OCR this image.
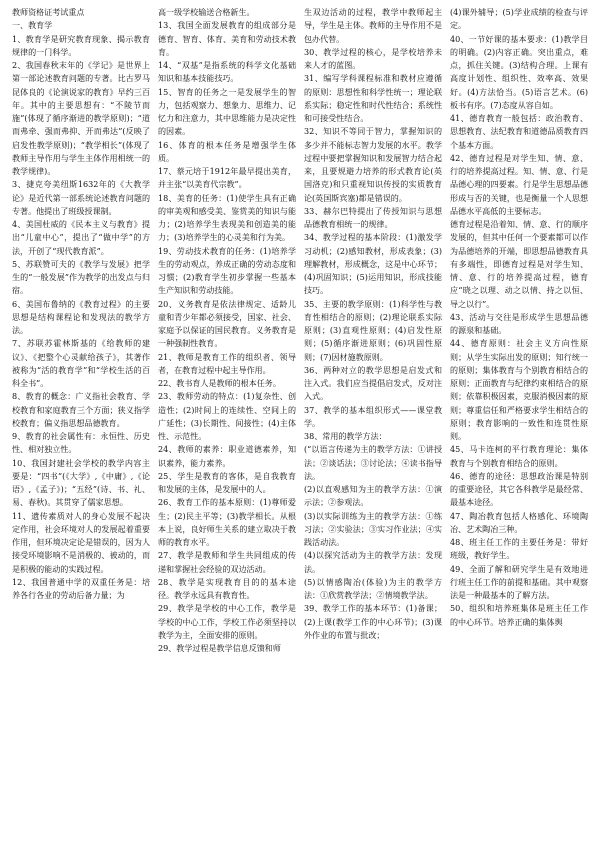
教师资格证考试重点

一、教育学

1、教育学是研究教育现象、揭示教育规律的一门科学。

2、我国春秋末年的《学记》是世界上第一部论述教育问题的专著。比古罗马昆体良的《论演说家的教育》早约三百年。其中的主要思想有：“不陵节而施”(体现了循序渐进的教学原则)；“道而弗牵、强而弗抑、开而弗达”(反映了启发性教学原则)；“教学相长”(体现了教师主导作用与学生主体作用相统一的教学规律)。

3、捷克夸美纽斯1632年的《大教学论》是近代第一部系统论述教育问题的专著。他提出了班级授课制。

4、美国杜威的《民本主义与教育》提出“儿童中心”，提出了“做中学”的方法，开创了“现代教育派”。

5、苏联赞可夫的《教学与发展》把学生的“一般发展”作为教学的出发点与归宿。

6、美国布鲁纳的《教育过程》的主要思想是结构课程论和发现法的教学方法。

7、苏联苏霍林斯基的《给教师的建议》、《把整个心灵献给孩子》，其著作被称为“活的教育学”和“学校生活的百科全书”。

8、教育的概念：广义指社会教育、学校教育和家庭教育三个方面；狭义指学校教育；偏义指思想品德教育。

9、教育的社会属性有：永恒性、历史性、相对独立性。

10、我国封建社会学校的教学内容主要是：“四书”(《大学》,《中庸》,《论语》,《孟子》)；“五经”(诗、书、礼、易、春秋)。其贯穿了儒家思想。

11、遗传素质对人的身心发展不起决定作用，社会环境对人的发展起着重要作用，但环境决定论是错误的，因为人接受环境影响不是消极的、被动的，而是积极的能动的实践过程。

12、我国普通中学的双重任务是：培养各行各业的劳动后备力量；为

高一级学校输送合格新生。

13、我国全面发展教育的组成部分是德育、智育、体育、美育和劳动技术教育。

14、“双基”是指系统的科学文化基础知识和基本技能技巧。

15、智育的任务之一是发展学生的智力，包括观察力、想象力、思维力、记忆力和注意力，其中思维能力是决定性的因素。

16、体育的根本任务是增强学生体质。

17、蔡元培于1912年最早提出美育，并主张“以美育代宗教”。

18、美育的任务：(1)使学生具有正确的审美观和感受美、鉴赏美的知识与能力；(2)培养学生表现美和创造美的能力；(3)培养学生的心灵美和行为美。

19、劳动技术教育的任务：(1)培养学生的劳动观点，养成正确的劳动态度和习惯；(2)教育学生初步掌握一些基本生产知识和劳动技能。

20、义务教育是依法律规定、适龄儿童和青少年都必须接受，国家、社会、家庭予以保证的国民教育。义务教育是一种强制性教育。

21、教师是教育工作的组织者、领导者，在教育过程中起主导作用。

22、教书育人是教师的根本任务。

23、教师劳动的特点：(1)复杂性、创造性；(2)时间上的连续性、空间上的广延性；(3)长期性、间接性；(4)主体性、示范性。

24、教师的素养：职业道德素养，知识素养，能力素养。

25、学生是教育的客体，是自我教育和发展的主体，是发展中的人。

26、教育工作的基本原则：(1)尊师爱生；(2)民主平等；(3)教学相长。从根本上说，良好师生关系的建立取决于教师的教育水平。

27、教学是教师和学生共同组成的传递和掌握社会经验的双边活动。

28、教学是实现教育目的的基本途径。教学永远具有教育性。

29、教学是学校的中心工作，教学是学校的中心工作，学校工作必须坚持以教学为主，全面安排的原则。

29、教学过程是教学信息反馈和师

生双边活动的过程，教学中教师起主导，学生是主体。教师的主导作用不是包办代替。

30、教学过程的核心，是学校培养未来人才的蓝图。

31、编写学科课程标准和教材应遵循的原则：思想性和科学性统一；理论联系实际；稳定性和时代性结合；系统性和可接受性结合。

32、知识不等同于智力，掌握知识的多少并不能标志智力发展的水平。教学过程中要把掌握知识和发展智力结合起来，且要规避力培养的形式教育论(英国洛克)和只重视知识传授的实质教育论(英国斯宾塞)都是错误的。

33、赫尔巴特提出了传授知识与思想品德教育相统一的规律。

34、教学过程的基本阶段：(1)激发学习动机；(2)感知教材，形成表象；(3)理解教材，形成概念，这是中心环节；(4)巩固知识；(5)运用知识，形成技能技巧。

35、主要的教学原则：(1)科学性与教育性相结合的原则；(2)理论联系实际原则；(3)直观性原则；(4)启发性原则；(5)循序渐进原则；(6)巩固性原则；(7)因材施教原则。

36、两种对立的教学思想是启发式和注入式。我们应当提倡启发式，反对注入式。

37、教学的基本组织形式——课堂教学。

38、常用的教学方法：

(“以语言传递为主的教学方法：①讲授法；②谈话法；③讨论法；④读书指导法。

(2)以直观感知为主的教学方法：①演示法；②参观法。

(3)以实际训练为主的教学方法：①练习法；②实验法；③实习作业法；④实践活动法。

(4)以探究活动为主的教学方法：发现法。

(5)以情感陶冶(体验)为主的教学方法：①欣赏教学法；②情境教学法。

39、教学工作的基本环节：(1)备课；(2)上课(教学工作的中心环节)；(3)课外作业的布置与批改；

(4)课外辅导；(5)学业成绩的检查与评定。

40、一节好课的基本要求：(1)教学目的明确。(2)内容正确。突出重点，难点，抓住关键。(3)结构合理。上课有高度计划性、组织性、效率高、效果好。(4)方法恰当。(5)语言艺术。(6)板书有序。(7)态度从容自如。

41、德育教育一般包括：政治教育、思想教育、法纪教育和道德品质教育四个基本方面。

42、德育过程是对学生知、情、意、行的培养提高过程。知、情、意、行是品德心理的四要素。行是学生思想品德形成与否的关键，也是衡量一个人思想品德水平高低的主要标志。

德育过程是沿着知、情、意、行的顺序发展的，但其中任何一个要素都可以作为品德培养的开端，即思想品德教育具有多端性，即德育过程是对学生知、情、意、行的培养提高过程，德育应“晓之以理、动之以情、持之以恒、导之以行”。

43、活动与交往是形成学生思想品德的源泉和基础。

44、德育原则：社会主义方向性原则；从学生实际出发的原则；知行统一的原则；集体教育与个别教育相结合的原则；正面教育与纪律约束相结合的原则；依靠积极因素，克服消极因素的原则；尊重信任和严格要求学生相结合的原则；教育影响的一致性和连贯性原则。

45、马卡连柯的平行教育理论：集体教育与个别教育相结合的原则。

46、德育的途径：思想政治课是特别的重要途径，其它各科教学是最经常、最基本途径。

47、陶冶教育包括人格感化、环境陶冶、艺术陶冶三种。

48、班主任工作的主要任务是：带好班级，教好学生。

49、全面了解和研究学生是有效地进行班主任工作的前提和基础。其中观察法是一种最基本的了解方法。

50、组织和培养班集体是班主任工作的中心环节。培养正确的集体舆
